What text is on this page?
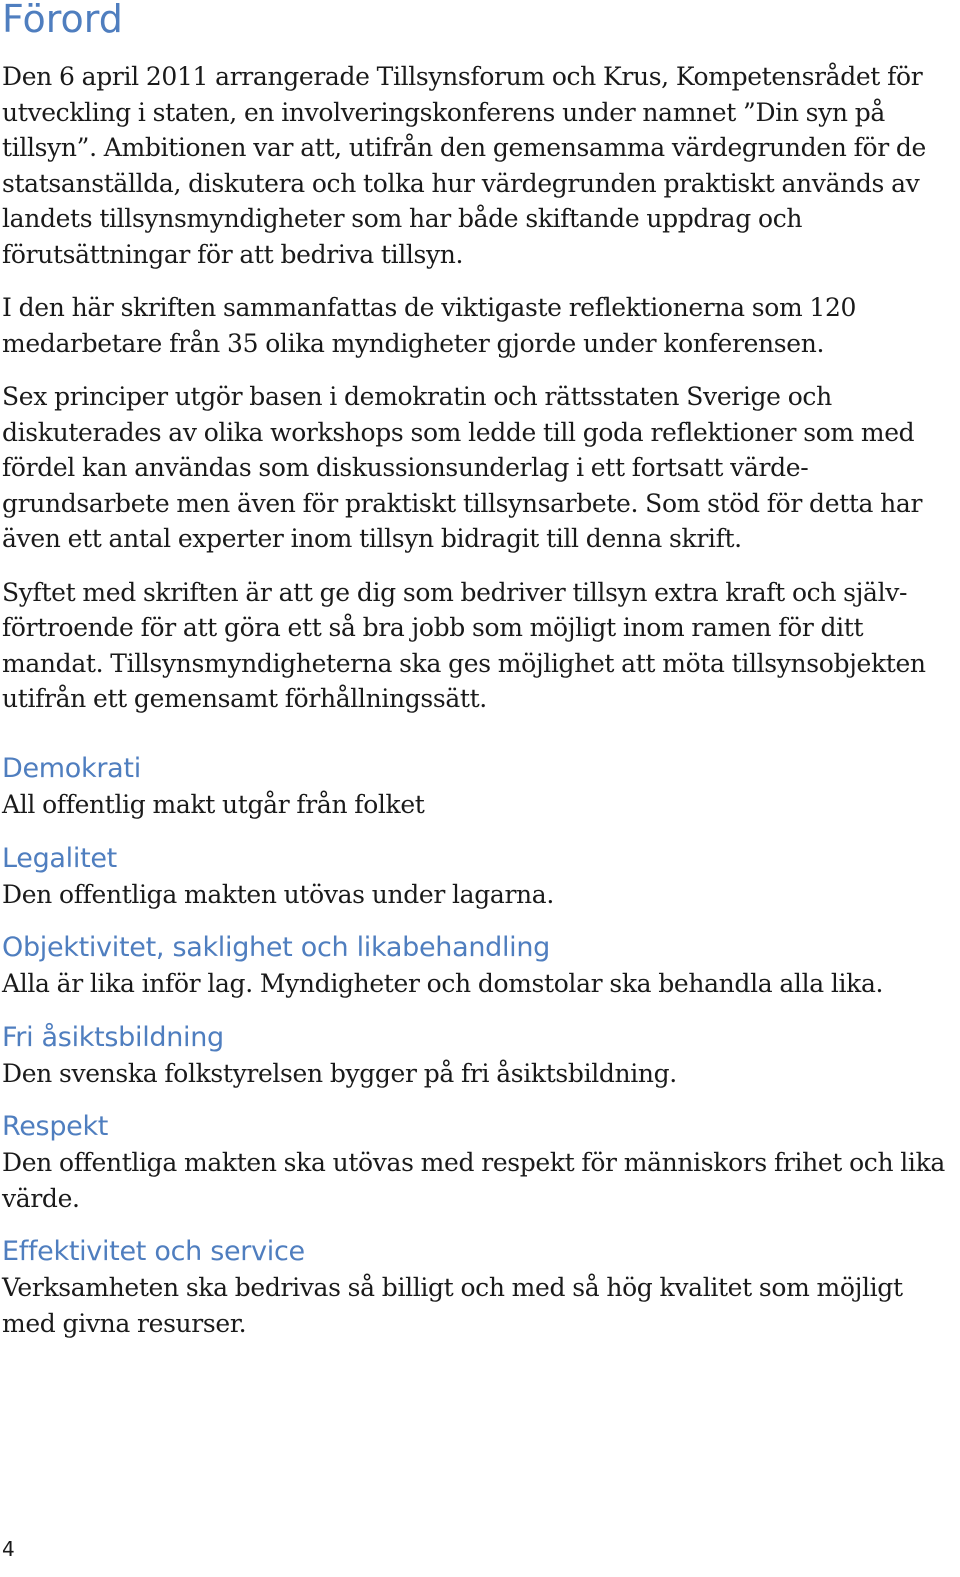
Förord

Den 6 april 2011 arrangerade Tillsynsforum och Krus, Kompetensrådet för utveckling i staten, en involveringskonferens under namnet ”Din syn på tillsyn”. Ambitionen var att, utifrån den gemensamma värdegrunden för de statsanställda, diskutera och tolka hur värdegrunden praktiskt används av landets tillsynsmyndigheter som har både skiftande uppdrag och förutsättningar för att bedriva tillsyn.

I den här skriften sammanfattas de viktigaste reflektionerna som 120 medarbetare från 35 olika myndigheter gjorde under konferensen.

Sex principer utgör basen i demokratin och rättsstaten Sverige och diskuterades av olika workshops som ledde till goda reflektioner som med fördel kan användas som diskussionsunderlag i ett fortsatt värdegrundsarbete men även för praktiskt tillsynsarbete. Som stöd för detta har även ett antal experter inom tillsyn bidragit till denna skrift.

Syftet med skriften är att ge dig som bedriver tillsyn extra kraft och självförtroende för att göra ett så bra jobb som möjligt inom ramen för ditt mandat. Tillsynsmyndigheterna ska ges möjlighet att möta tillsynsobjekten utifrån ett gemensamt förhållningssätt.

Demokrati

All offentlig makt utgår från folket

Legalitet

Den offentliga makten utövas under lagarna.

Objektivitet, saklighet och likabehandling

Alla är lika inför lag. Myndigheter och domstolar ska behandla alla lika.

Fri åsiktsbildning

Den svenska folkstyrelsen bygger på fri åsiktsbildning.

Respekt

Den offentliga makten ska utövas med respekt för människors frihet och lika värde.

Effektivitet och service

Verksamheten ska bedrivas så billigt och med så hög kvalitet som möjligt med givna resurser.

4
